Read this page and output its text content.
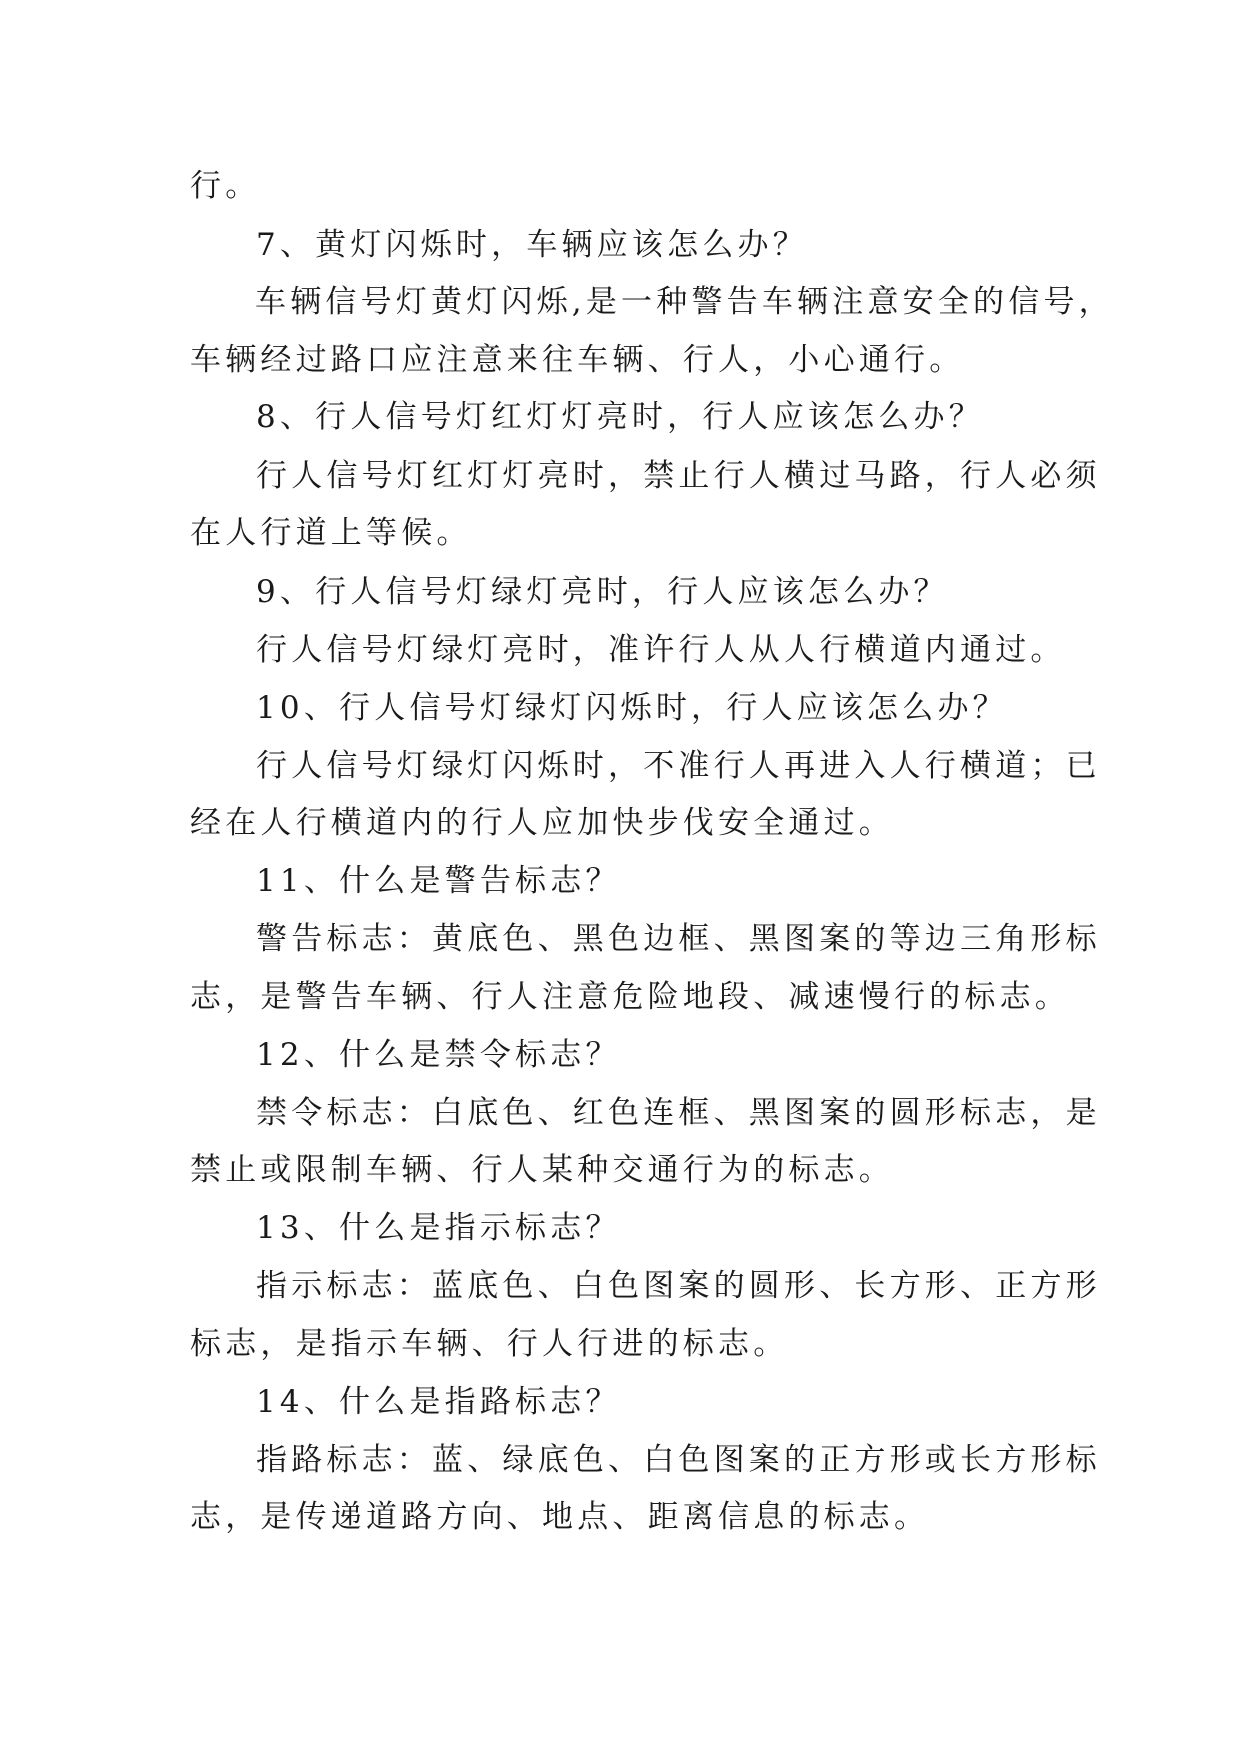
行。
7、黄灯闪烁时，车辆应该怎么办？
车辆信号灯黄灯闪烁,是一种警告车辆注意安全的信号，
车辆经过路口应注意来往车辆、行人，小心通行。
8、行人信号灯红灯灯亮时，行人应该怎么办？
行人信号灯红灯灯亮时，禁止行人横过马路，行人必须
在人行道上等候。
9、行人信号灯绿灯亮时，行人应该怎么办？
行人信号灯绿灯亮时，准许行人从人行横道内通过。
10、行人信号灯绿灯闪烁时，行人应该怎么办？
行人信号灯绿灯闪烁时，不准行人再进入人行横道；已
经在人行横道内的行人应加快步伐安全通过。
11、什么是警告标志？
警告标志：黄底色、黑色边框、黑图案的等边三角形标
志，是警告车辆、行人注意危险地段、减速慢行的标志。
12、什么是禁令标志？
禁令标志：白底色、红色连框、黑图案的圆形标志，是
禁止或限制车辆、行人某种交通行为的标志。
13、什么是指示标志？
指示标志：蓝底色、白色图案的圆形、长方形、正方形
标志，是指示车辆、行人行进的标志。
14、什么是指路标志？
指路标志：蓝、绿底色、白色图案的正方形或长方形标
志，是传递道路方向、地点、距离信息的标志。
